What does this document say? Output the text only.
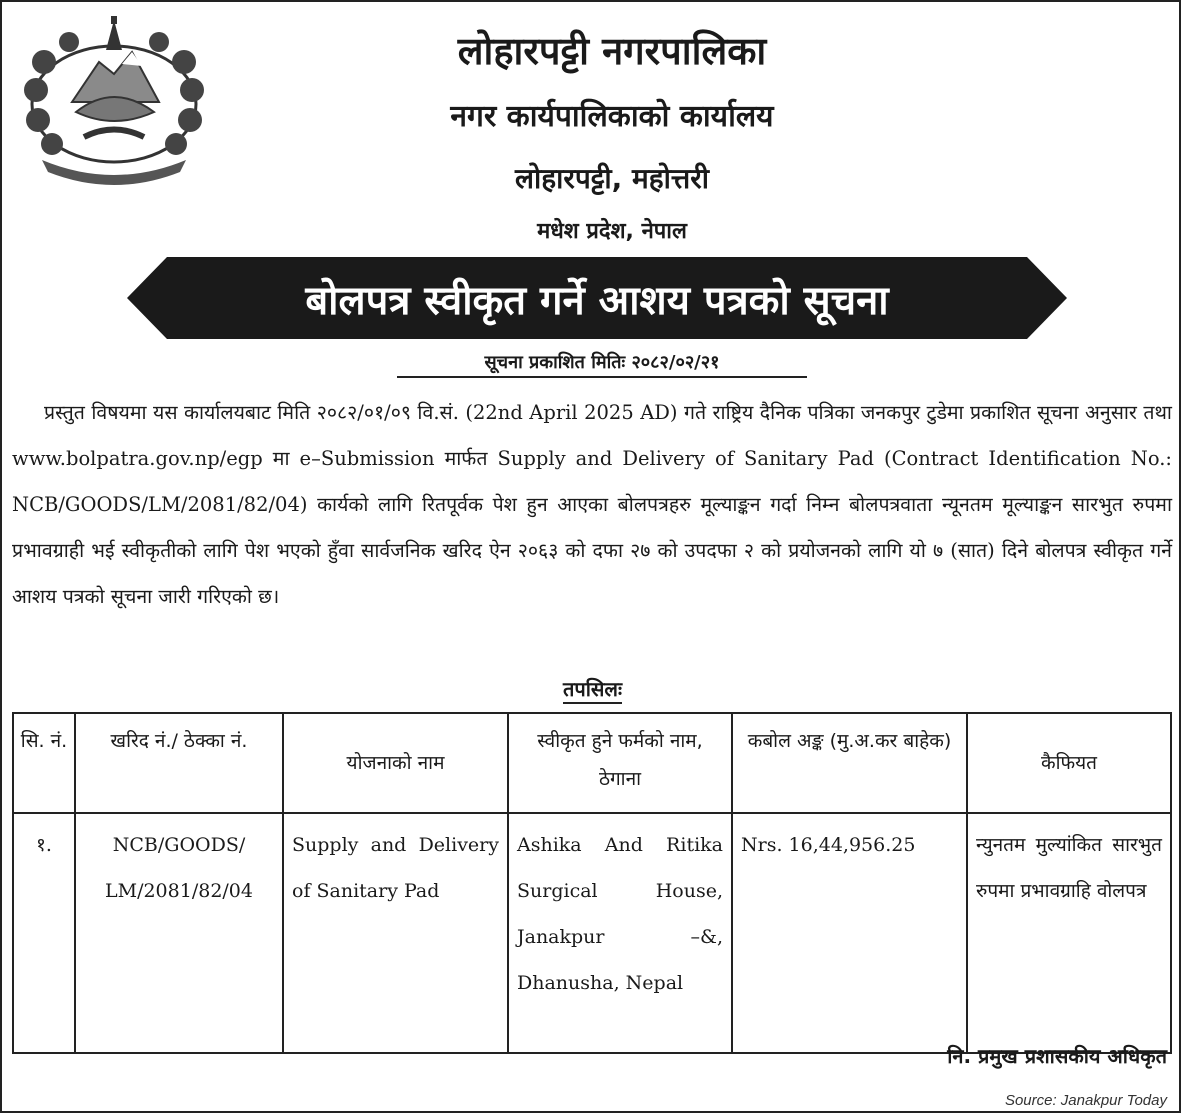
लोहारपट्टी नगरपालिका
नगर कार्यपालिकाको कार्यालय
लोहारपट्टी, महोत्तरी
मधेश प्रदेश, नेपाल
बोलपत्र स्वीकृत गर्ने आशय पत्रको सूचना
सूचना प्रकाशित मितिः २०८२/०२/२१
प्रस्तुत विषयमा यस कार्यालयबाट मिति २०८२/०१/०९ वि.सं. (22nd April 2025 AD) गते राष्ट्रिय दैनिक पत्रिका जनकपुर टुडेमा प्रकाशित सूचना अनुसार तथा www.bolpatra.gov.np/egp मा e–Submission मार्फत Supply and Delivery of Sanitary Pad (Contract Identification No.: NCB/GOODS/LM/2081/82/04) कार्यको लागि रितपूर्वक पेश हुन आएका बोलपत्रहरु मूल्याङ्कन गर्दा निम्न बोलपत्रवाता न्यूनतम मूल्याङ्कन सारभुत रुपमा प्रभावग्राही भई स्वीकृतीको लागि पेश भएको हुँवा सार्वजनिक खरिद ऐन २०६३ को दफा २७ को उपदफा २ को प्रयोजनको लागि यो ७ (सात) दिने बोलपत्र स्वीकृत गर्ने आशय पत्रको सूचना जारी गरिएको छ।
तपसिलः
सि. नं.	खरिद नं./ ठेक्का नं.	योजनाको नाम	स्वीकृत हुने फर्मको नाम, ठेगाना	कबोल अङ्क (मु.अ.कर बाहेक)	कैफियत
१.	NCB/GOODS/ LM/2081/82/04	Supply and Delivery of Sanitary Pad	Ashika And Ritika Surgical House, Janakpur –&, Dhanusha, Nepal	Nrs. 16,44,956.25	न्युनतम मुल्यांकित सारभुत रुपमा प्रभावग्राहि वोलपत्र
नि. प्रमुख प्रशासकीय अधिकृत
Source: Janakpur Today
